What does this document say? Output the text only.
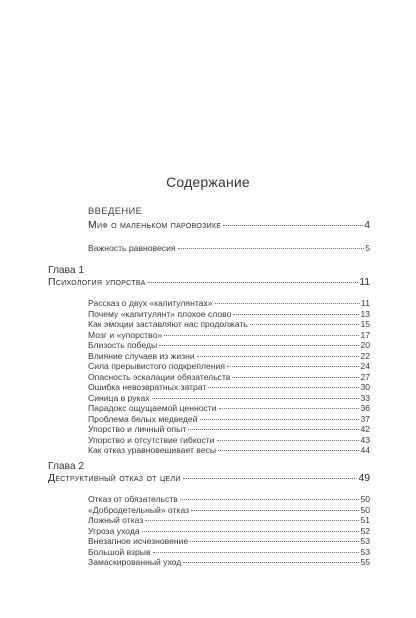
Содержание
ВВЕДЕНИЕ
Миф о маленьком паровозике	4
Важность равновесия	5
Глава 1
Психология упорства	11
Рассказ о двух «капитулянтах»	11
Почему «капитулянт» плохое слово	13
Как эмоции заставляют нас продолжать	15
Мозг и «упорство»	17
Близость победы	20
Влияние случаев из жизни	22
Сила прерывистого подкрепления	24
Опасность эскалации обязательств	27
Ошибка невозвратных затрат	30
Синица в руках	33
Парадокс ощущаемой ценности	36
Проблема белых медведей	37
Упорство и личный опыт	42
Упорство и отсутствие гибкости	43
Как отказ уравновешивает весы	44
Глава 2
Деструктивный отказ от цели	49
Отказ от обязательств	50
«Добродетельный» отказ	50
Ложный отказ	51
Угроза ухода	52
Внезапное исчезновение	53
Большой взрыв	53
Замаскированный уход	55
